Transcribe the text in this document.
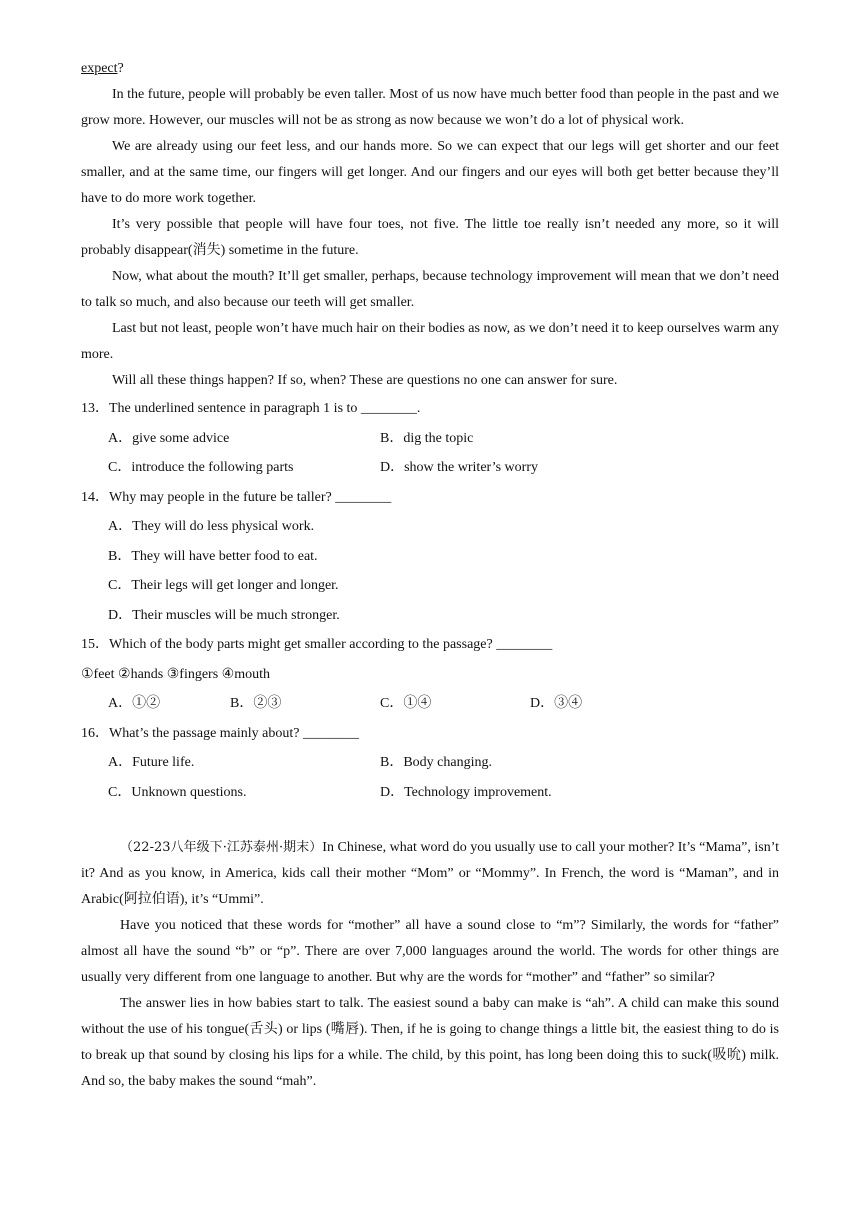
expect?

In the future, people will probably be even taller. Most of us now have much better food than people in the past and we grow more. However, our muscles will not be as strong as now because we won’t do a lot of physical work.

We are already using our feet less, and our hands more. So we can expect that our legs will get shorter and our feet smaller, and at the same time, our fingers will get longer. And our fingers and our eyes will both get better because they’ll have to do more work together.

It’s very possible that people will have four toes, not five. The little toe really isn’t needed any more, so it will probably disappear(消失) sometime in the future.

Now, what about the mouth? It’ll get smaller, perhaps, because technology improvement will mean that we don’t need to talk so much, and also because our teeth will get smaller.

Last but not least, people won’t have much hair on their bodies as now, as we don’t need it to keep ourselves warm any more.

Will all these things happen? If so, when? These are questions no one can answer for sure.

13．The underlined sentence in paragraph 1 is to ________.

A．give some advice	B．dig the topic
C．introduce the following parts	D．show the writer’s worry

14．Why may people in the future be taller? ________

A．They will do less physical work.
B．They will have better food to eat.
C．Their legs will get longer and longer.
D．Their muscles will be much stronger.

15．Which of the body parts might get smaller according to the passage? ________

①feet ②hands ③fingers ④mouth

A．①②	B．②③	C．①④	D．③④

16．What’s the passage mainly about? ________

A．Future life.	B．Body changing.
C．Unknown questions.	D．Technology improvement.

（22-23八年级下·江苏泰州·期末）In Chinese, what word do you usually use to call your mother? It’s “Mama”, isn’t it? And as you know, in America, kids call their mother “Mom” or “Mommy”. In French, the word is “Maman”, and in Arabic(阿拉伯语), it’s “Ummi”.

Have you noticed that these words for “mother” all have a sound close to “m”? Similarly, the words for “father” almost all have the sound “b” or “p”. There are over 7,000 languages around the world. The words for other things are usually very different from one language to another. But why are the words for “mother” and “father” so similar?

The answer lies in how babies start to talk. The easiest sound a baby can make is “ah”. A child can make this sound without the use of his tongue(舌头) or lips (嘴唇). Then, if he is going to change things a little bit, the easiest thing to do is to break up that sound by closing his lips for a while. The child, by this point, has long been doing this to suck(吸吮) milk. And so, the baby makes the sound “mah”.
